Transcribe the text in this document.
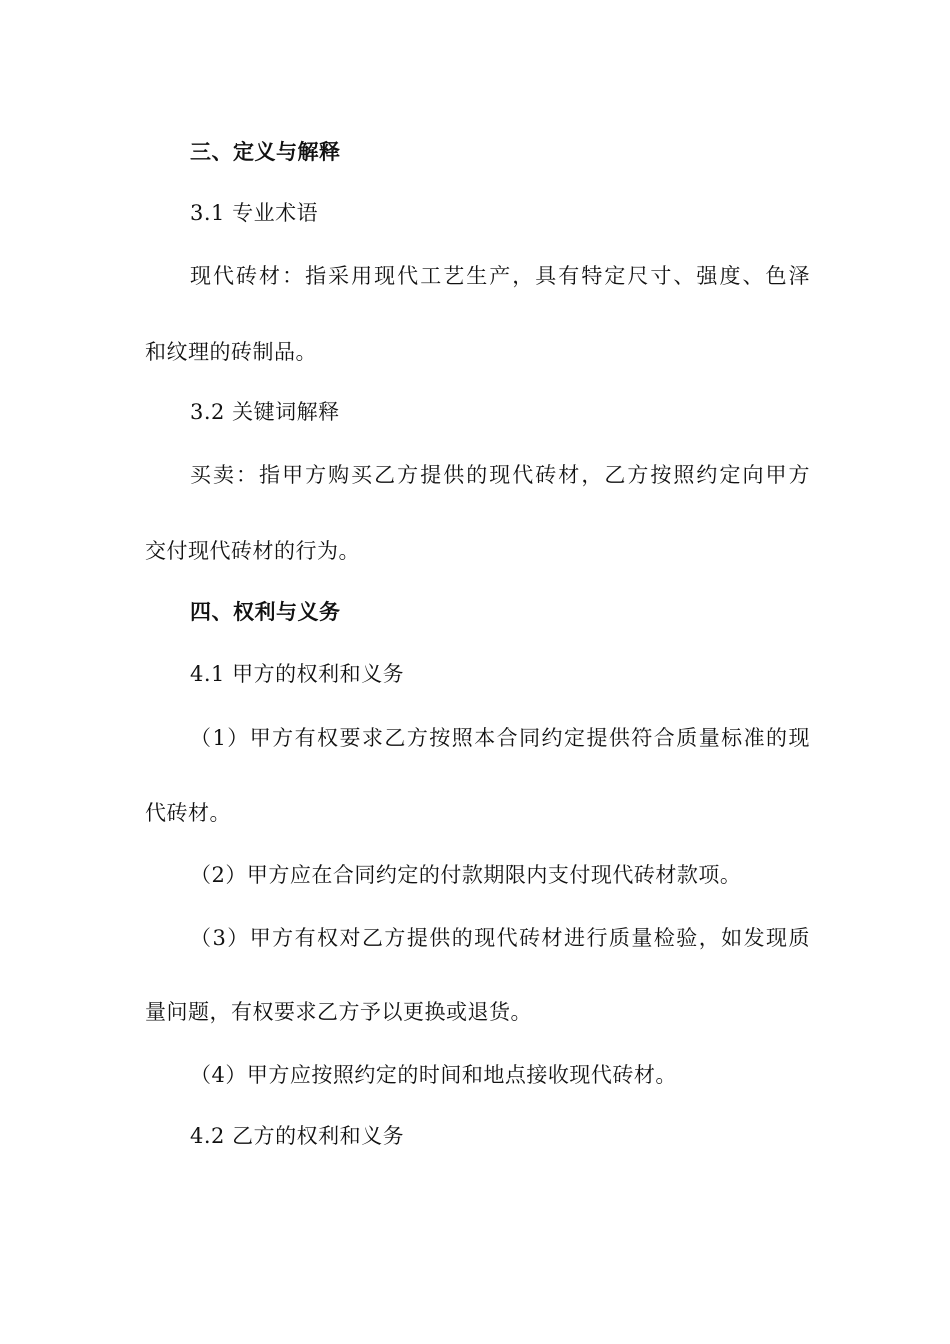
三、定义与解释
3.1 专业术语
现代砖材：指采用现代工艺生产，具有特定尺寸、强度、色泽
和纹理的砖制品。
3.2 关键词解释
买卖：指甲方购买乙方提供的现代砖材，乙方按照约定向甲方
交付现代砖材的行为。
四、权利与义务
4.1 甲方的权利和义务
（1）甲方有权要求乙方按照本合同约定提供符合质量标准的现
代砖材。
（2）甲方应在合同约定的付款期限内支付现代砖材款项。
（3）甲方有权对乙方提供的现代砖材进行质量检验，如发现质
量问题，有权要求乙方予以更换或退货。
（4）甲方应按照约定的时间和地点接收现代砖材。
4.2 乙方的权利和义务
